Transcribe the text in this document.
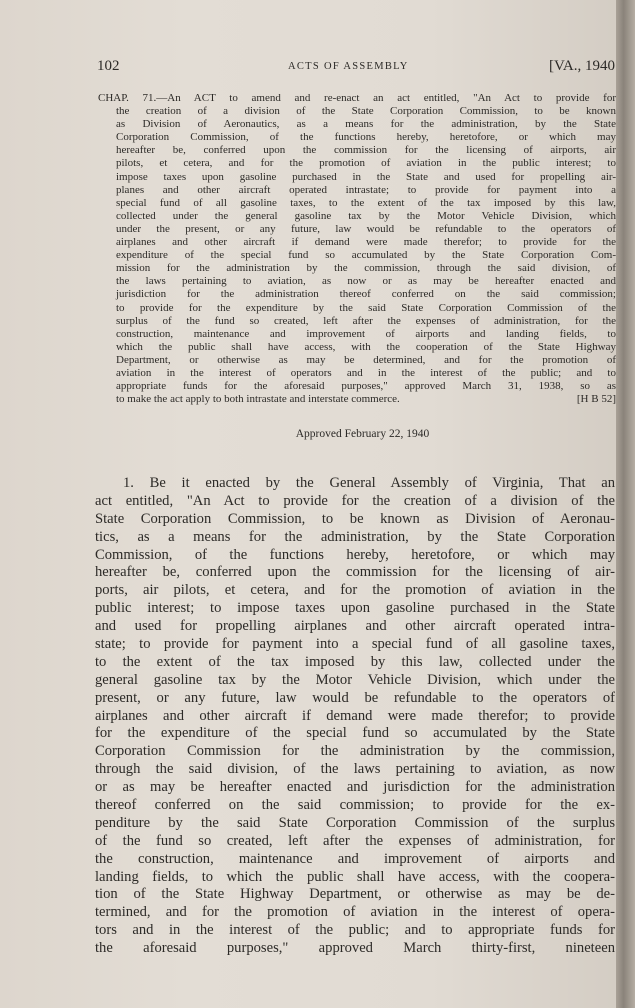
102	ACTS OF ASSEMBLY	[VA., 1940
CHAP. 71.—An ACT to amend and re-enact an act entitled, "An Act to provide for
the creation of a division of the State Corporation Commission, to be known
as Division of Aeronautics, as a means for the administration, by the State
Corporation Commission, of the functions hereby, heretofore, or which may
hereafter be, conferred upon the commission for the licensing of airports, air
pilots, et cetera, and for the promotion of aviation in the public interest; to
impose taxes upon gasoline purchased in the State and used for propelling air-
planes and other aircraft operated intrastate; to provide for payment into a
special fund of all gasoline taxes, to the extent of the tax imposed by this law,
collected under the general gasoline tax by the Motor Vehicle Division, which
under the present, or any future, law would be refundable to the operators of
airplanes and other aircraft if demand were made therefor; to provide for the
expenditure of the special fund so accumulated by the State Corporation Com-
mission for the administration by the commission, through the said division, of
the laws pertaining to aviation, as now or as may be hereafter enacted and
jurisdiction for the administration thereof conferred on the said commission;
to provide for the expenditure by the said State Corporation Commission of the
surplus of the fund so created, left after the expenses of administration, for the
construction, maintenance and improvement of airports and landing fields, to
which the public shall have access, with the cooperation of the State Highway
Department, or otherwise as may be determined, and for the promotion of
aviation in the interest of operators and in the interest of the public; and to
appropriate funds for the aforesaid purposes," approved March 31, 1938, so as
to make the act apply to both intrastate and interstate commerce.	[H B 52]
Approved February 22, 1940
1. Be it enacted by the General Assembly of Virginia, That an
act entitled, "An Act to provide for the creation of a division of the
State Corporation Commission, to be known as Division of Aeronau-
tics, as a means for the administration, by the State Corporation
Commission, of the functions hereby, heretofore, or which may
hereafter be, conferred upon the commission for the licensing of air-
ports, air pilots, et cetera, and for the promotion of aviation in the
public interest; to impose taxes upon gasoline purchased in the State
and used for propelling airplanes and other aircraft operated intra-
state; to provide for payment into a special fund of all gasoline taxes,
to the extent of the tax imposed by this law, collected under the
general gasoline tax by the Motor Vehicle Division, which under the
present, or any future, law would be refundable to the operators of
airplanes and other aircraft if demand were made therefor; to provide
for the expenditure of the special fund so accumulated by the State
Corporation Commission for the administration by the commission,
through the said division, of the laws pertaining to aviation, as now
or as may be hereafter enacted and jurisdiction for the administration
thereof conferred on the said commission; to provide for the ex-
penditure by the said State Corporation Commission of the surplus
of the fund so created, left after the expenses of administration, for
the construction, maintenance and improvement of airports and
landing fields, to which the public shall have access, with the coopera-
tion of the State Highway Department, or otherwise as may be de-
termined, and for the promotion of aviation in the interest of opera-
tors and in the interest of the public; and to appropriate funds for
the aforesaid purposes," approved March thirty-first, nineteen
